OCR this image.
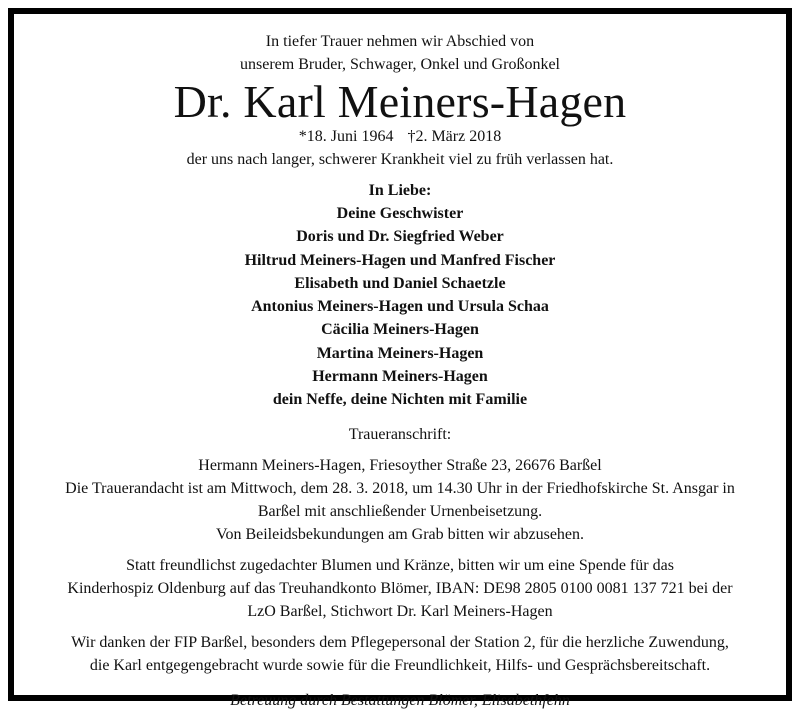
In tiefer Trauer nehmen wir Abschied von
unserem Bruder, Schwager, Onkel und Großonkel
Dr. Karl Meiners-Hagen
*18. Juni 1964 †2. März 2018
der uns nach langer, schwerer Krankheit viel zu früh verlassen hat.
In Liebe:
Deine Geschwister
Doris und Dr. Siegfried Weber
Hiltrud Meiners-Hagen und Manfred Fischer
Elisabeth und Daniel Schaetzle
Antonius Meiners-Hagen und Ursula Schaa
Cäcilia Meiners-Hagen
Martina Meiners-Hagen
Hermann Meiners-Hagen
dein Neffe, deine Nichten mit Familie
Traueranschrift:
Hermann Meiners-Hagen, Friesoyther Straße 23, 26676 Barßel
Die Trauerandacht ist am Mittwoch, dem 28. 3. 2018, um 14.30 Uhr in der Friedhofskirche St. Ansgar in
Barßel mit anschließender Urnenbeisetzung.
Von Beileidsbekundungen am Grab bitten wir abzusehen.
Statt freundlichst zugedachter Blumen und Kränze, bitten wir um eine Spende für das
Kinderhospiz Oldenburg auf das Treuhandkonto Blömer, IBAN: DE98 2805 0100 0081 137 721 bei der
LzO Barßel, Stichwort Dr. Karl Meiners-Hagen
Wir danken der FIP Barßel, besonders dem Pflegepersonal der Station 2, für die herzliche Zuwendung,
die Karl entgegengebracht wurde sowie für die Freundlichkeit, Hilfs- und Gesprächsbereitschaft.
Betreuung durch Bestattungen Blömer, Elisabethfehn
